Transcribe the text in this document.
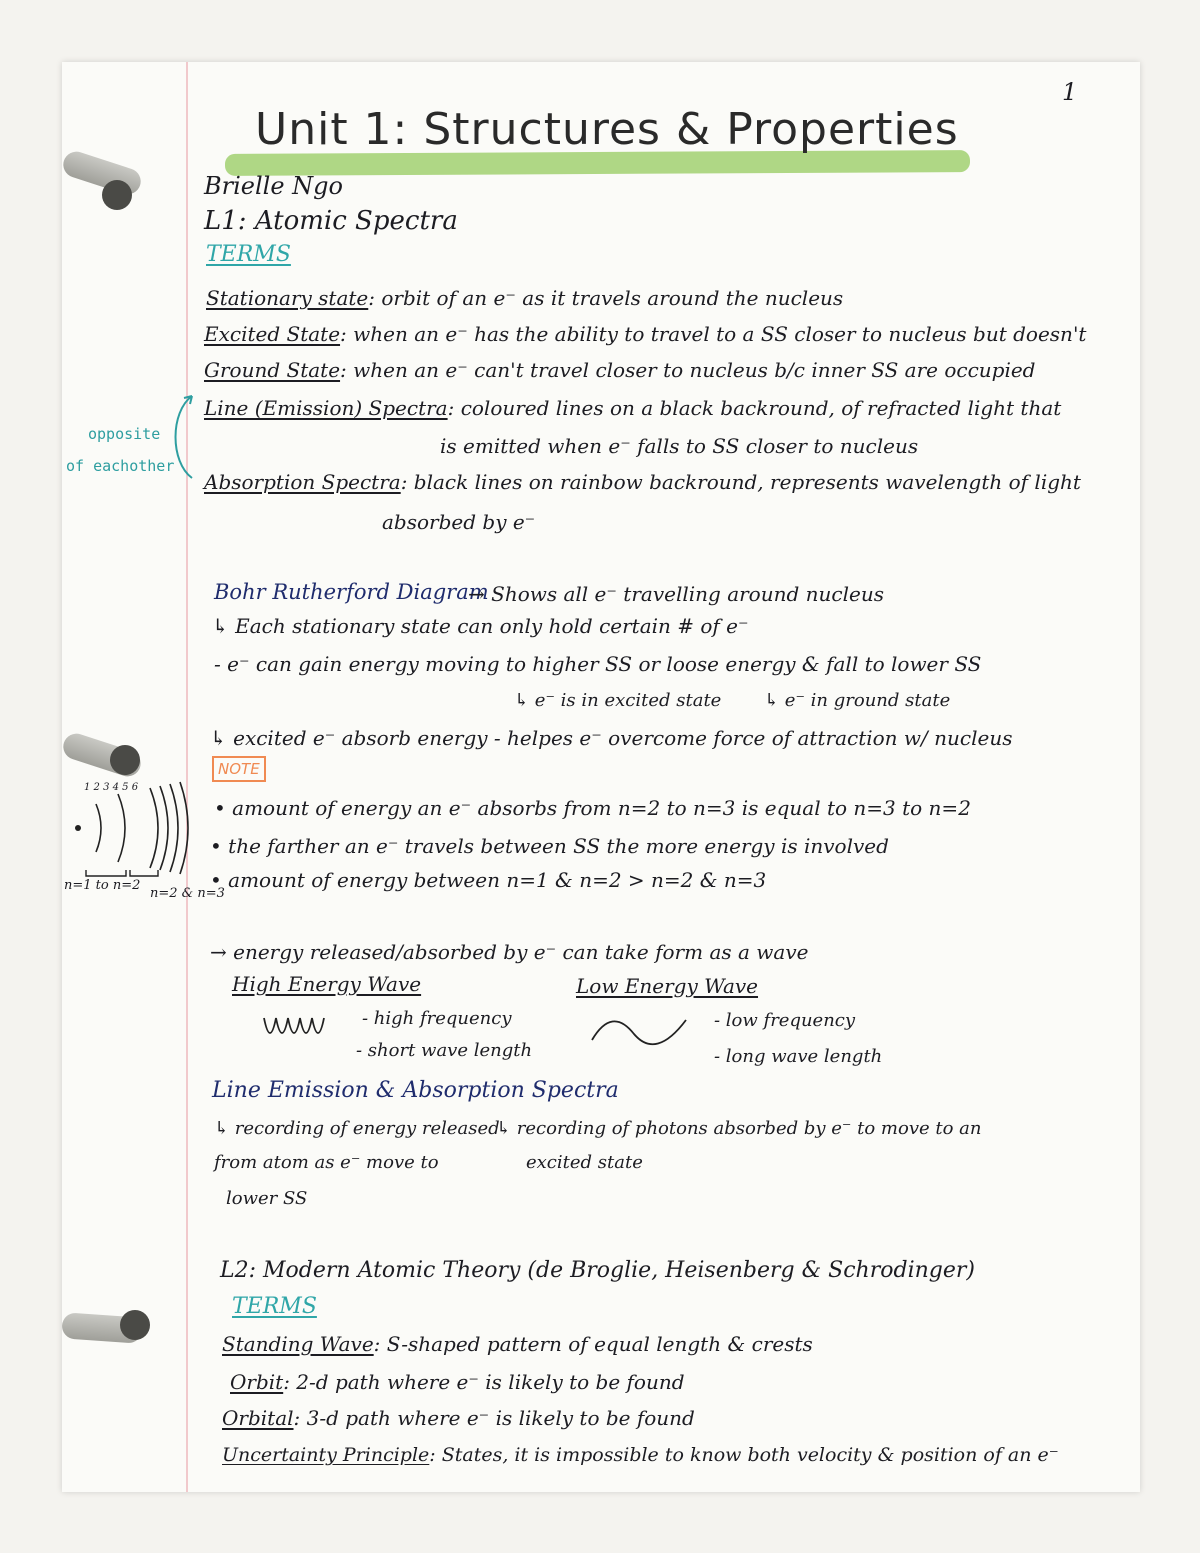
1
Unit 1: Structures & Properties
Brielle Ngo
L1: Atomic Spectra
TERMS
Stationary state: orbit of an e⁻ as it travels around the nucleus
Excited State: when an e⁻ has the ability to travel to a SS closer to nucleus but doesn't
Ground State: when an e⁻ can't travel closer to nucleus b/c inner SS are occupied
Line (Emission) Spectra: coloured lines on a black backround, of refracted light that
is emitted when e⁻ falls to SS closer to nucleus
Absorption Spectra: black lines on rainbow backround, represents wavelength of light
absorbed by e⁻
opposite
of eachother
Bohr Rutherford Diagram
→ Shows all e⁻ travelling around nucleus
↳ Each stationary state can only hold certain # of e⁻
- e⁻ can gain energy moving to higher SS or loose energy & fall to lower SS
↳ e⁻ is in excited state ↳ e⁻ in ground state
↳ excited e⁻ absorb energy - helpes e⁻ overcome force of attraction w/ nucleus
NOTE
• amount of energy an e⁻ absorbs from n=2 to n=3 is equal to n=3 to n=2
• the farther an e⁻ travels between SS the more energy is involved
• amount of energy between n=1 & n=2 > n=2 & n=3
1 2 3 4 5 6
n=1 to n=2
n=2 & n=3
→ energy released/absorbed by e⁻ can take form as a wave
High Energy Wave	Low Energy Wave
- high frequency
- short wave length
- low frequency
- long wave length
Line Emission & Absorption Spectra
↳ recording of energy released
from atom as e⁻ move to
lower SS
↳ recording of photons absorbed by e⁻ to move to an
excited state
L2: Modern Atomic Theory (de Broglie, Heisenberg & Schrodinger)
TERMS
Standing Wave: S-shaped pattern of equal length & crests
Orbit: 2-d path where e⁻ is likely to be found
Orbital: 3-d path where e⁻ is likely to be found
Uncertainty Principle: States, it is impossible to know both velocity & position of an e⁻
